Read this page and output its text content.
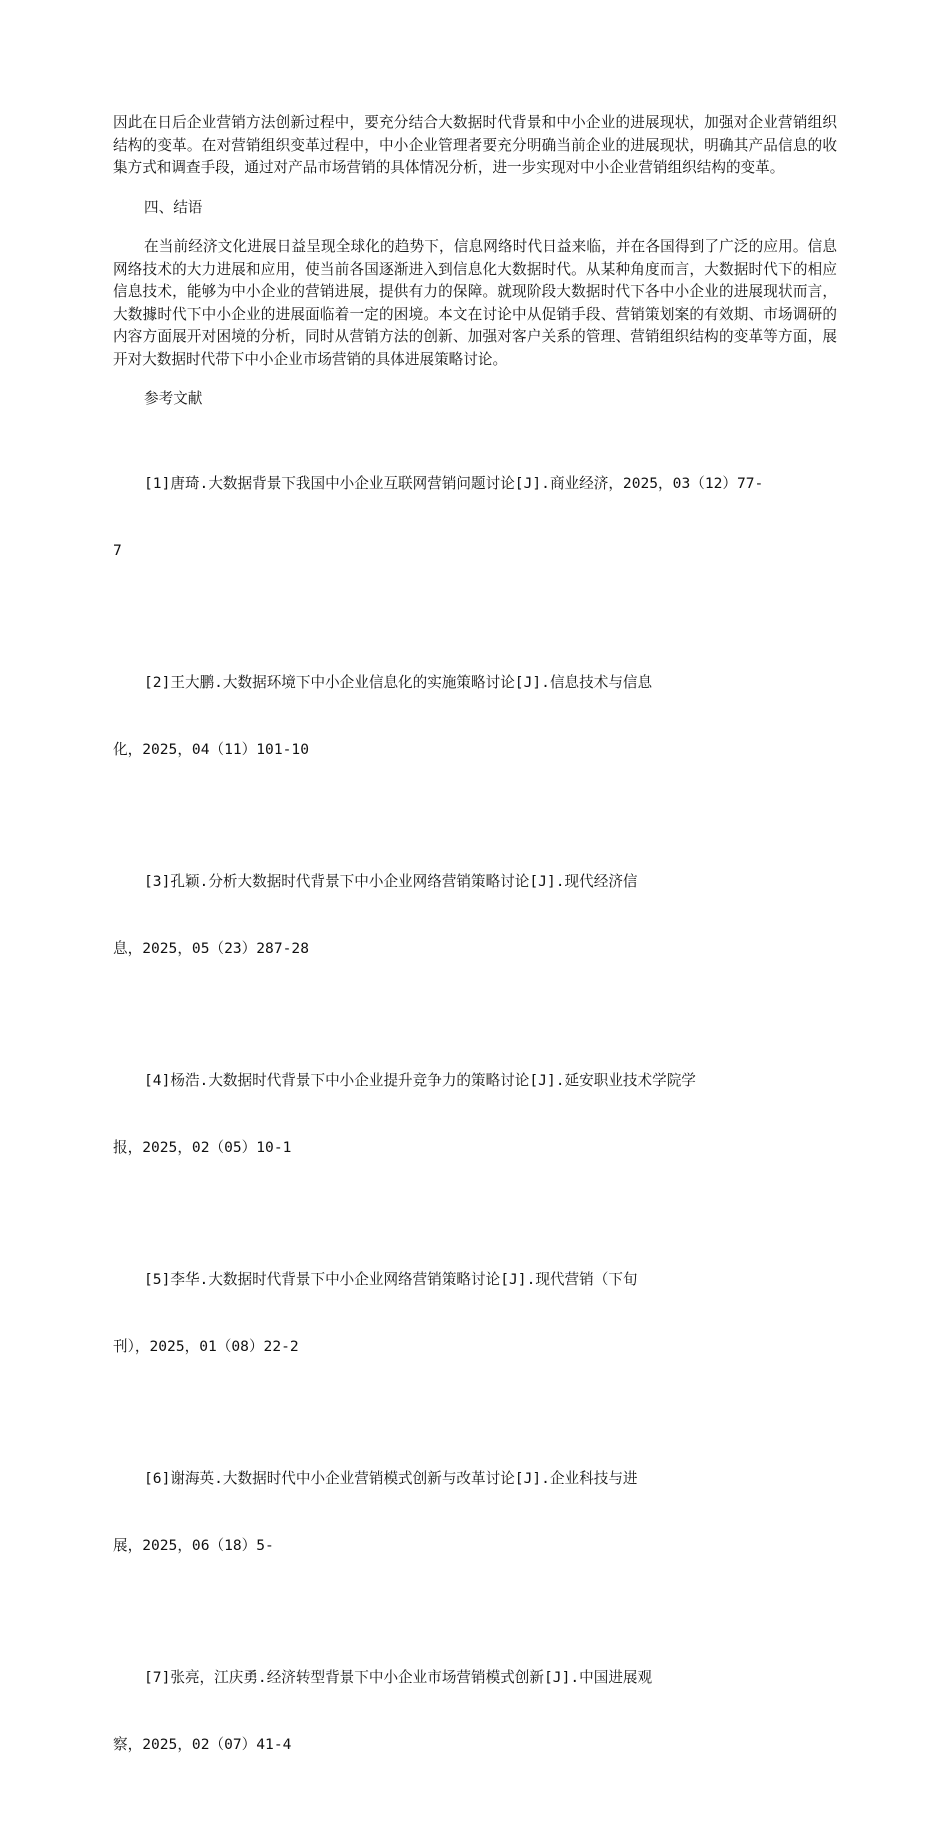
因此在日后企业营销方法创新过程中，要充分结合大数据时代背景和中小企业的进展现状，加强对企业营销组织结构的变革。在对营销组织变革过程中，中小企业管理者要充分明确当前企业的进展现状，明确其产品信息的收集方式和调查手段，通过对产品市场营销的具体情况分析，进一步实现对中小企业营销组织结构的变革。

四、结语

在当前经济文化进展日益呈现全球化的趋势下，信息网络时代日益来临，并在各国得到了广泛的应用。信息网络技术的大力进展和应用，使当前各国逐渐进入到信息化大数据时代。从某种角度而言，大数据时代下的相应信息技术，能够为中小企业的营销进展，提供有力的保障。就现阶段大数据时代下各中小企业的进展现状而言，大数據时代下中小企业的进展面临着一定的困境。本文在讨论中从促销手段、营销策划案的有效期、市场调研的内容方面展开对困境的分析，同时从营销方法的创新、加强对客户关系的管理、营销组织结构的变革等方面，展开对大数据时代带下中小企业市场营销的具体进展策略讨论。

参考文献

[1]唐琦.大数据背景下我国中小企业互联网营销问题讨论[J].商业经济，2025，03（12）77-

7

[2]王大鹏.大数据环境下中小企业信息化的实施策略讨论[J].信息技术与信息

化，2025，04（11）101-10

[3]孔颖.分析大数据时代背景下中小企业网络营销策略讨论[J].现代经济信

息，2025，05（23）287-28

[4]杨浩.大数据时代背景下中小企业提升竞争力的策略讨论[J].延安职业技术学院学

报，2025，02（05）10-1

[5]李华.大数据时代背景下中小企业网络营销策略讨论[J].现代营销（下旬

刊），2025，01（08）22-2

[6]谢海英.大数据时代中小企业营销模式创新与改革讨论[J].企业科技与进

展，2025，06（18）5-

[7]张亮，江庆勇.经济转型背景下中小企业市场营销模式创新[J].中国进展观

察，2025，02（07）41-4
